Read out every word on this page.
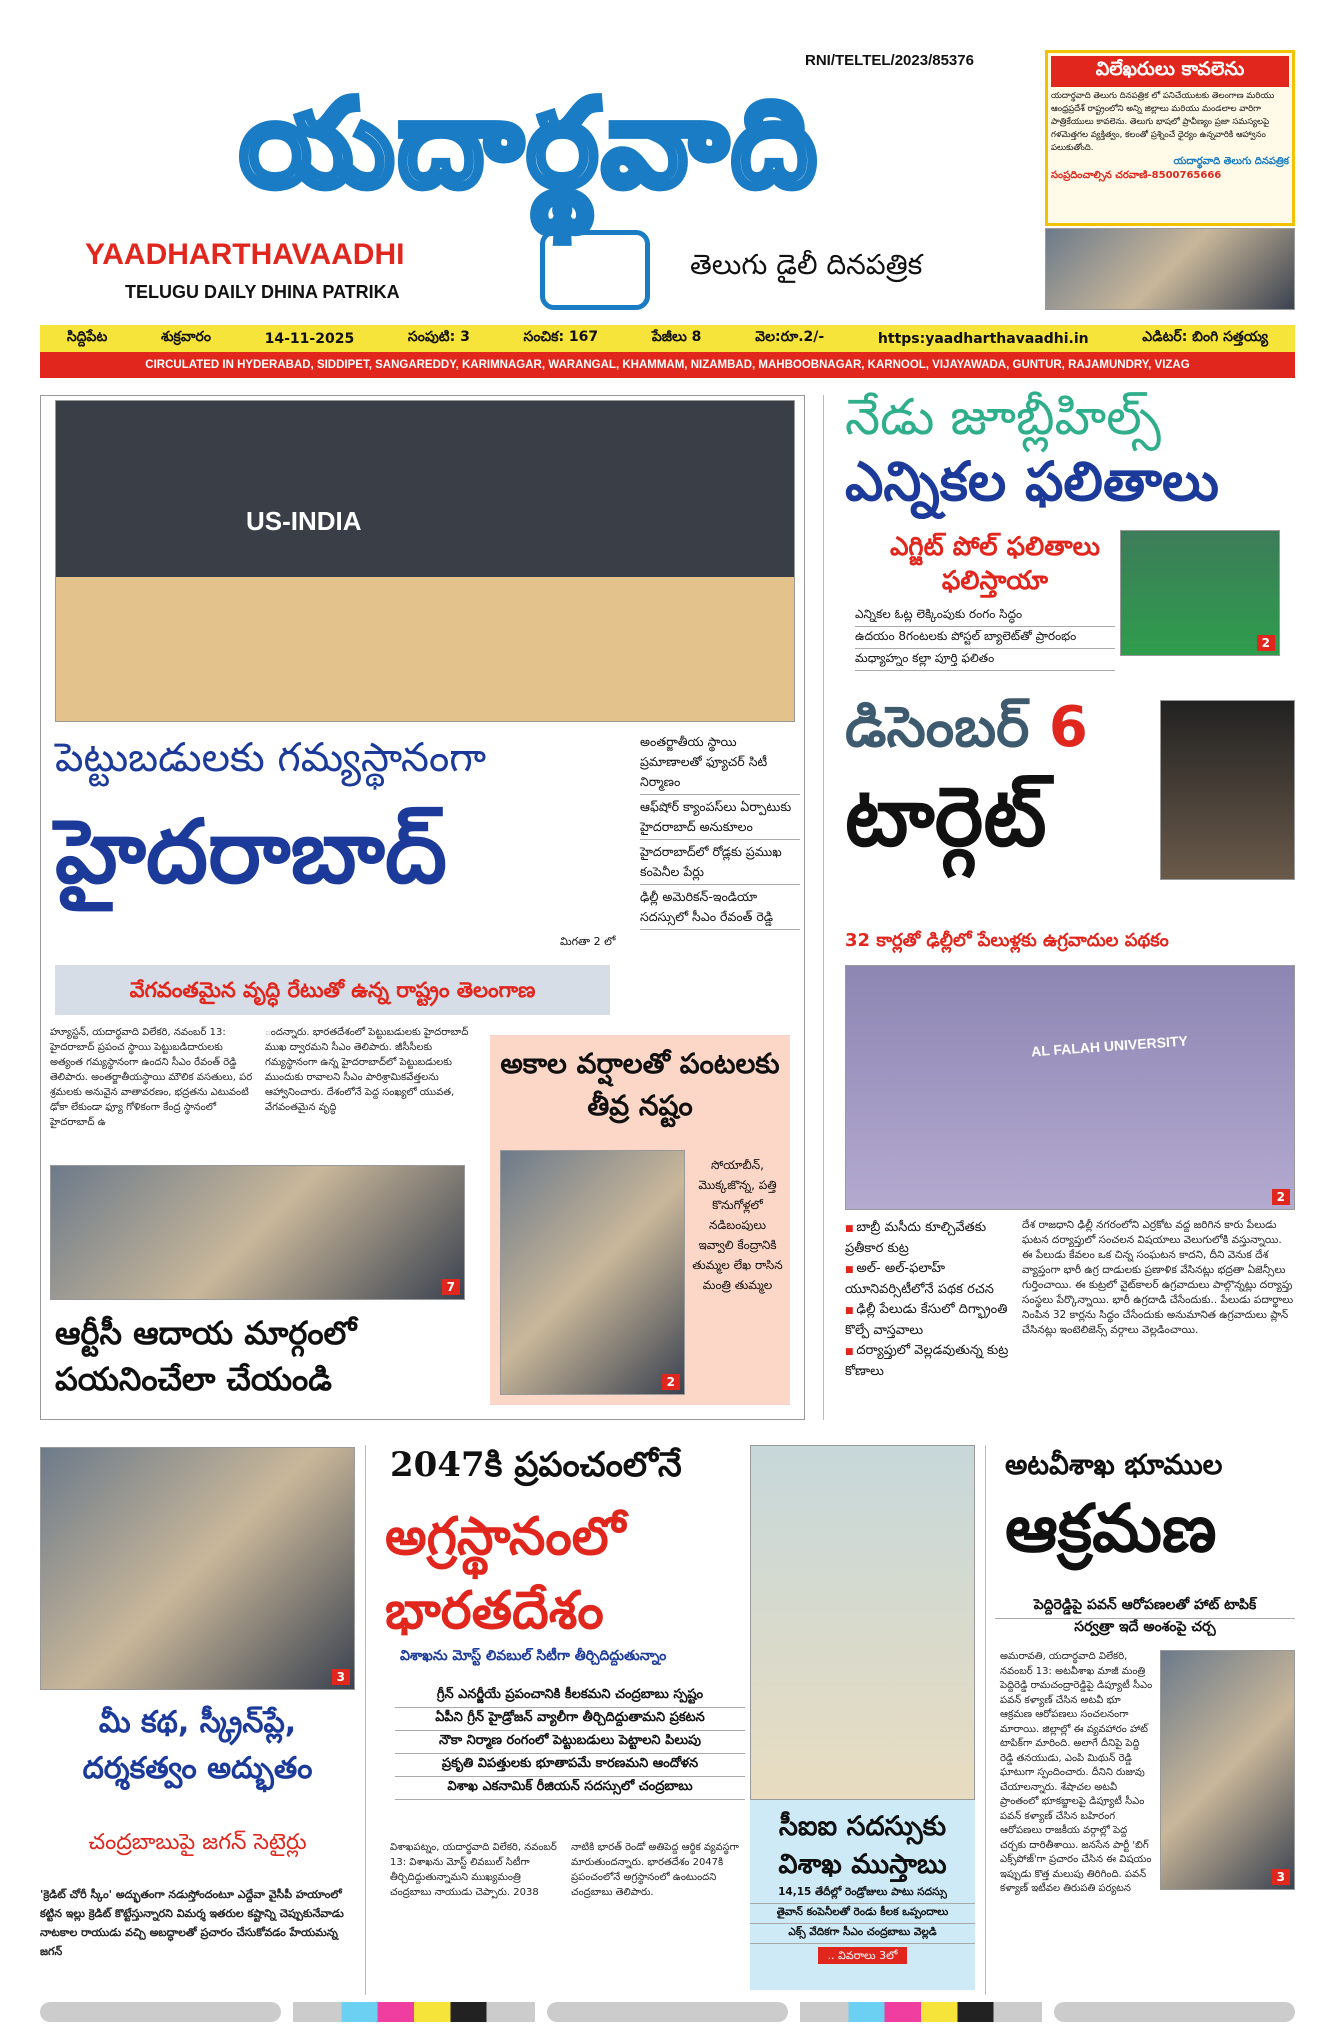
యదార్థవాది
RNI/TELTEL/2023/85376
YAADHARTHAVAADHI
TELUGU DAILY DHINA PATRIKA
తెలుగు డైలీ దినపత్రిక
విలేఖరులు కావలెను
యదార్థవాది తెలుగు దినపత్రిక లో పనిచేయుటకు తెలంగాణ మరియు ఆంధ్రప్రదేశ్ రాష్ట్రంలోని అన్ని జిల్లాలు మరియు మండలాల వారిగా పాత్రికేయులు కావలెను. తెలుగు భాషలో ప్రావీణ్యం ప్రజా సమస్యలపై గళమెత్తగల వ్యక్తిత్వం, కలంతో ప్రశ్నించే ధైర్యం ఉన్నవారికి ఆహ్వానం పలుకుతోంది.
యదార్థవాది తెలుగు దినపత్రిక
సంప్రదించాల్సిన చరవాణి-8500765666
సిద్దిపేట	శుక్రవారం	14-11-2025	సంపుటి: 3	సంచిక: 167	పేజీలు 8	వెల:రూ.2/-	https:yaadharthavaadhi.in	ఎడిటర్: బింగి సత్తయ్య
CIRCULATED IN HYDERABAD, SIDDIPET, SANGAREDDY, KARIMNAGAR, WARANGAL, KHAMMAM, NIZAMBAD, MAHBOOBNAGAR, KARNOOL, VIJAYAWADA, GUNTUR, RAJAMUNDRY, VIZAG
US-INDIA
పెట్టుబడులకు గమ్యస్థానంగా
హైదరాబాద్
మిగతా 2 లో
వేగవంతమైన వృద్ధి రేటుతో ఉన్న రాష్ట్రం తెలంగాణ
అంతర్జాతీయ స్థాయి ప్రమాణాలతో ఫ్యూచర్ సిటీ నిర్మాణం
ఆఫ్‌షోర్ క్యాంపస్‌లు ఏర్పాటుకు హైదరాబాద్ అనుకూలం
హైదరాబాద్‌లో రోడ్లకు ప్రముఖ కంపెనీల పేర్లు
ఢిల్లీ అమెరికన్-ఇండియా సదస్సులో సీఎం రేవంత్ రెడ్డి
హ్యూస్టన్, యదార్థవాది విలేకరి, నవంబర్ 13: హైదరాబాద్ ప్రపంచ స్థాయి పెట్టుబడిదారులకు అత్యంత గమ్యస్థానంగా ఉందని సీఎం రేవంత్ రెడ్డి తెలిపారు. అంతర్జాతీయస్థాయి మౌలిక వసతులు, పర శ్రమలకు అనువైన వాతావరణం, భద్రతను ఎటువంటి ఢోకా లేకుండా ఫ్యూ గోళికంగా కేంద్ర స్థానంలో హైదరాబాద్ ఉ
ందన్నారు. భారతదేశంలో పెట్టుబడులకు హైదరాబాద్ ముఖ ద్వారమని సీఎం తెలిపారు. జీసీసీలకు గమ్యస్థానంగా ఉన్న హైదరాబాద్‌లో పెట్టుబడులకు ముందుకు రావాలని సీఎం పారిశ్రామికవేత్తలను ఆహ్వానించారు. దేశంలోనే పెద్ద సంఖ్యలో యువత, వేగవంతమైన వృద్ధి
7
ఆర్టీసీ ఆదాయ మార్గంలో పయనించేలా చేయండి
అకాల వర్షాలతో పంటలకు తీవ్ర నష్టం
2
సోయాబీన్, మొక్కజొన్న, పత్తి కొనుగోళ్లలో నడిబంపులు ఇవ్వాలి కేంద్రానికి తుమ్మల లేఖ రాసిన మంత్రి తుమ్మల
నేడు జూబ్లీహిల్స్
ఎన్నికల ఫలితాలు
ఎగ్జిట్ పోల్ ఫలితాలు ఫలిస్తాయా
ఎన్నికల ఓట్ల లెక్కింపుకు రంగం సిద్ధం
ఉదయం 8గంటలకు పోస్టల్ బ్యాలెట్‌తో ప్రారంభం
మధ్యాహ్నం కల్లా పూర్తి ఫలితం
2
డిసెంబర్ 6
టార్గెట్
32 కార్లతో ఢిల్లీలో పేలుళ్లకు ఉగ్రవాదుల పథకం
AL FALAH UNIVERSITY
2
■ బాబ్రీ మసీదు కూల్చివేతకు ప్రతీకార కుట్ర
■ అల్- అల్-ఫలాహ్ యూనివర్సిటీలోనే పథక రచన
■ ఢిల్లీ పేలుడు కేసులో దిగ్భ్రాంతి కొల్పే వాస్తవాలు
■ దర్యాప్తులో వెల్లడవుతున్న కుట్ర కోణాలు
దేశ రాజధాని ఢిల్లీ నగరంలోని ఎర్రకోట వద్ద జరిగిన కారు పేలుడు ఘటన దర్యాప్తులో సంచలన విషయాలు వెలుగులోకి వస్తున్నాయి. ఈ పేలుడు కేవలం ఒక చిన్న సంఘటన కాదని, దీని వెనుక దేశ వ్యాప్తంగా భారీ ఉగ్ర దాడులకు ప్రణాళిక వేసినట్లు భద్రతా ఏజెన్సీలు గుర్తించాయి. ఈ కుట్రలో వైట్‌కాలర్ ఉగ్రవాదులు పాల్గొన్నట్లు దర్యాప్తు సంస్థలు పేర్కొన్నాయి. భారీ ఉగ్రదాడి చేసేందుకు.. పేలుడు పదార్థాలు నింపిన 32 కార్లను సిద్ధం చేసేందుకు అనుమానిత ఉగ్రవాదులు ప్లాన్ చేసినట్లు ఇంటెలిజెన్స్ వర్గాలు వెల్లడించాయి.
3
మీ కథ, స్క్రీన్‌ప్లే, దర్శకత్వం అద్భుతం
చంద్రబాబుపై జగన్ సెటైర్లు
'క్రెడిట్ చోరీ స్కీం' అద్భుతంగా నడుస్తోందంటూ ఎద్దేవా వైసీపీ హయాంలో కట్టిన ఇల్లు క్రెడిట్ కొట్టేస్తున్నారని విమర్శ ఇతరుల కష్టాన్ని చెప్పుకునేవాడు నాటకాల రాయుడు వచ్చి అబద్ధాలతో ప్రచారం చేసుకోవడం హేయమన్న జగన్
2047కి ప్రపంచంలోనే
అగ్రస్థానంలో భారతదేశం
విశాఖను మోస్ట్ లివబుల్ సిటీగా తీర్చిదిద్దుతున్నాం
గ్రీన్ ఎనర్జీయే ప్రపంచానికి కీలకమని చంద్రబాబు స్పష్టం
ఏపీని గ్రీన్ హైడ్రోజన్ వ్యాలీగా తీర్చిదిద్దుతామని ప్రకటన
నౌకా నిర్మాణ రంగంలో పెట్టుబడులు పెట్టాలని పిలుపు
ప్రకృతి విపత్తులకు భూతాపమే కారణమని ఆందోళన
విశాఖ ఎకనామిక్ రీజియన్ సదస్సులో చంద్రబాబు
విశాఖపట్నం, యదార్థవాది విలేకరి, నవంబర్ 13: విశాఖను మోస్ట్ లివబుల్ సిటీగా తీర్చిదిద్దుతున్నామని ముఖ్యమంత్రి చంద్రబాబు నాయుడు చెప్పారు. 2038 నాటికి భారత్ రెండో అతిపెద్ద ఆర్థిక వ్యవస్థగా మారుతుందన్నారు. భారతదేశం 2047కి ప్రపంచంలోనే అగ్రస్థానంలో ఉంటుందని చంద్రబాబు తెలిపారు.
సీఐఐ సదస్సుకు విశాఖ ముస్తాబు
14,15 తేదీల్లో రెండ్రోజులు పాటు సదస్సు
తైవాన్ కంపెనీలతో రెండు కీలక ఒప్పందాలు
ఎక్స్ వేదికగా సీఎం చంద్రబాబు వెల్లడి
.. వివరాలు 3లో
అటవీశాఖ భూముల
ఆక్రమణ
పెద్దిరెడ్డిపై పవన్ ఆరోపణలతో హాట్ టాపిక్
సర్వత్రా ఇదే అంశంపై చర్చ
3
అమరావతి, యదార్థవాది విలేకరి, నవంబర్ 13: అటవీశాఖ మాజీ మంత్రి పెద్దిరెడ్డి రామచంద్రారెడ్డిపై డిప్యూటీ సీఎం పవన్ కళ్యాణ్ చేసిన అటవీ భూ ఆక్రమణ ఆరోపణలు సంచలనంగా మారాయి. జిల్లాల్లో ఈ వ్యవహారం హాట్ టాపిక్‌గా మారింది. అలాగే దీనిపై పెద్ది రెడ్డి తనయుడు, ఎంపి మిథున్ రెడ్డి ఘాటుగా స్పందించారు. దీనిని రుజువు చేయాలన్నారు. శేషాచల అటవీ ప్రాంతంలో భూకబ్జాలపై డిప్యూటీ సీఎం పవన్ కళ్యాణ్ చేసిన బహిరంగ ఆరోపణలు రాజకీయ వర్గాల్లో పెద్ద చర్చకు దారితీశాయి. జనసేన పార్టీ 'బిగ్ ఎక్స్‌పోజ్'గా ప్రచారం చేసిన ఈ విషయం ఇప్పుడు కొత్త మలుపు తిరిగింది. పవన్ కళ్యాణ్ ఇటీవల తిరుపతి పర్యటన
